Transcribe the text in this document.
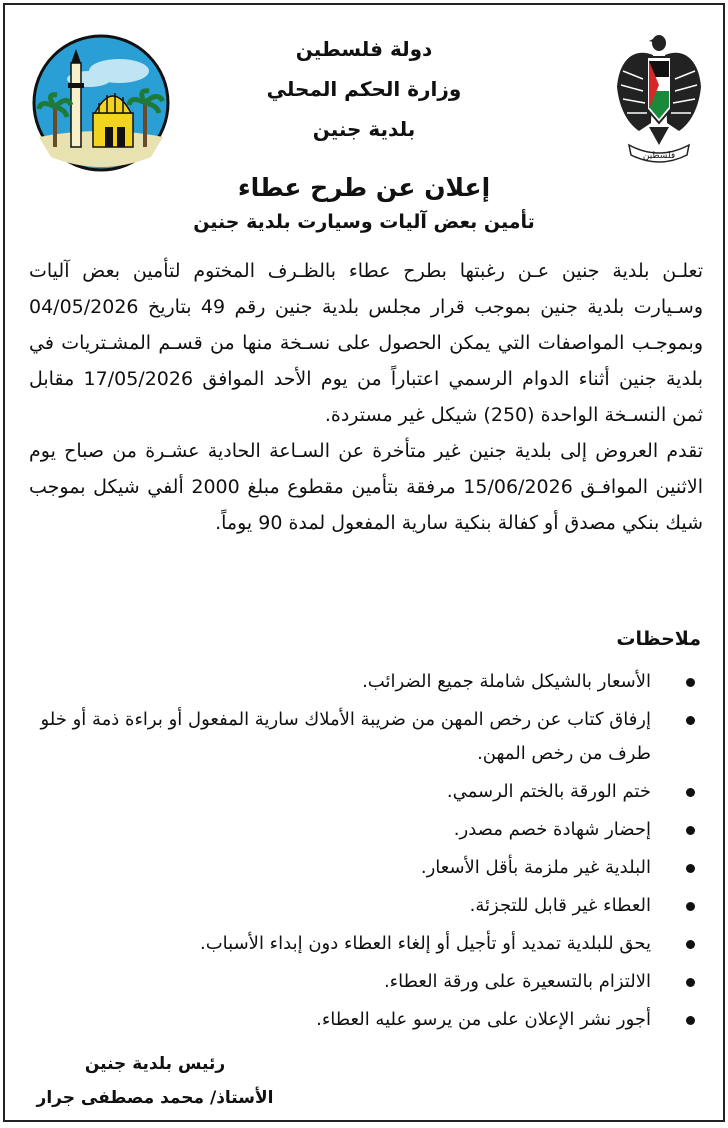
فلسطين
دولة فلسطين
وزارة الحكم المحلي
بلدية جنين
إعلان عن طرح عطاء
تأمين بعض آليات وسيارت بلدية جنين

تعلـن بلدية جنين عـن رغبتها بطرح عطاء بالظـرف المختوم لتأمين بعض آليات وسـيارت بلدية جنين بموجب قرار مجلس بلدية جنين رقم 49 بتاريخ 04/05/2026 وبموجـب المواصفات التي يمكن الحصول على نسـخة منها من قسـم المشـتريات في بلدية جنين أثناء الدوام الرسمي اعتباراً من يوم الأحد الموافق 17/05/2026 مقابل ثمن النسـخة الواحدة (250) شيكل غير مستردة.

تقدم العروض إلى بلدية جنين غير متأخرة عن السـاعة الحادية عشـرة من صباح يوم الاثنين الموافـق 15/06/2026 مرفقة بتأمين مقطوع مبلغ 2000 ألفي شيكل بموجب شيك بنكي مصدق أو كفالة بنكية سارية المفعول لمدة 90 يوماً.

ملاحظات
الأسعار بالشيكل شاملة جميع الضرائب.
إرفاق كتاب عن رخص المهن من ضريبة الأملاك سارية المفعول أو براءة ذمة أو خلو طرف من رخص المهن.
ختم الورقة بالختم الرسمي.
إحضار شهادة خصم مصدر.
البلدية غير ملزمة بأقل الأسعار.
العطاء غير قابل للتجزئة.
يحق للبلدية تمديد أو تأجيل أو إلغاء العطاء دون إبداء الأسباب.
الالتزام بالتسعيرة على ورقة العطاء.
أجور نشر الإعلان على من يرسو عليه العطاء.
رئيس بلدية جنين
الأستاذ/ محمد مصطفى جرار
